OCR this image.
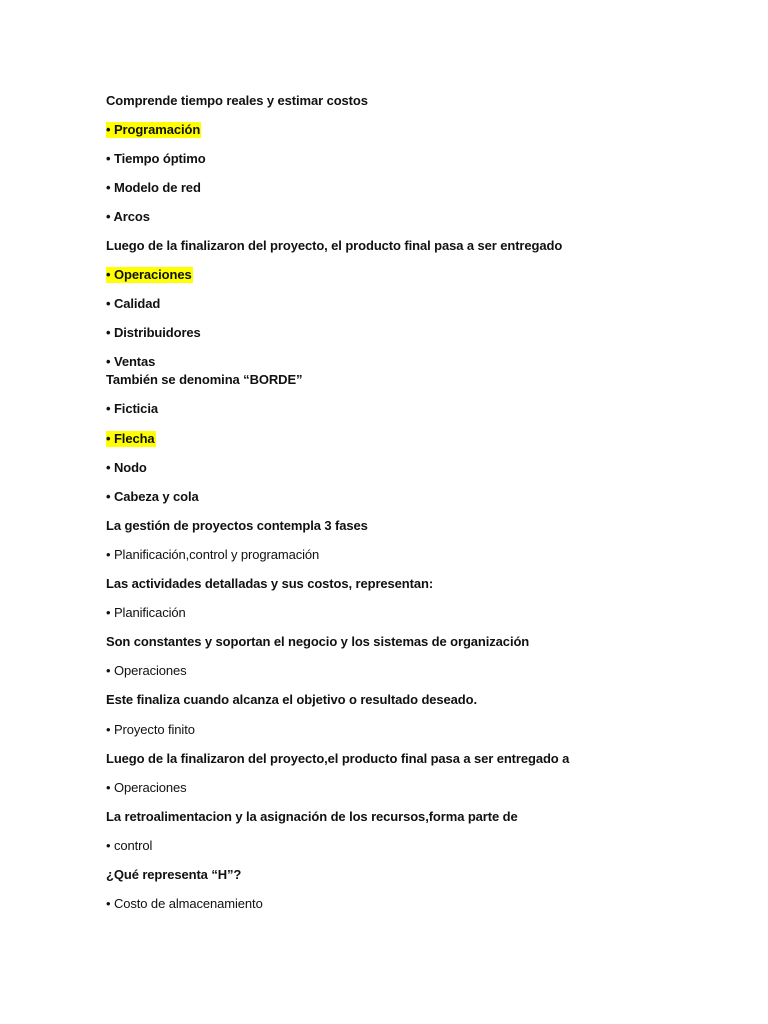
Comprende tiempo reales y estimar costos
• Programación
• Tiempo óptimo
• Modelo de red
• Arcos
Luego de la finalizaron del proyecto, el producto final pasa a ser entregado
• Operaciones
• Calidad
• Distribuidores
• Ventas
También se denomina “BORDE”
• Ficticia
• Flecha
• Nodo
• Cabeza y cola
La gestión de proyectos contempla 3 fases
• Planificación,control y programación
Las actividades detalladas y sus costos, representan:
• Planificación
Son constantes y soportan el negocio y los sistemas de organización
• Operaciones
Este finaliza cuando alcanza el objetivo o resultado deseado.
• Proyecto finito
Luego de la finalizaron del proyecto,el producto final pasa a ser entregado a
• Operaciones
La retroalimentacion y la asignación de los recursos,forma parte de
• control
¿Qué representa “H”?
• Costo de almacenamiento
